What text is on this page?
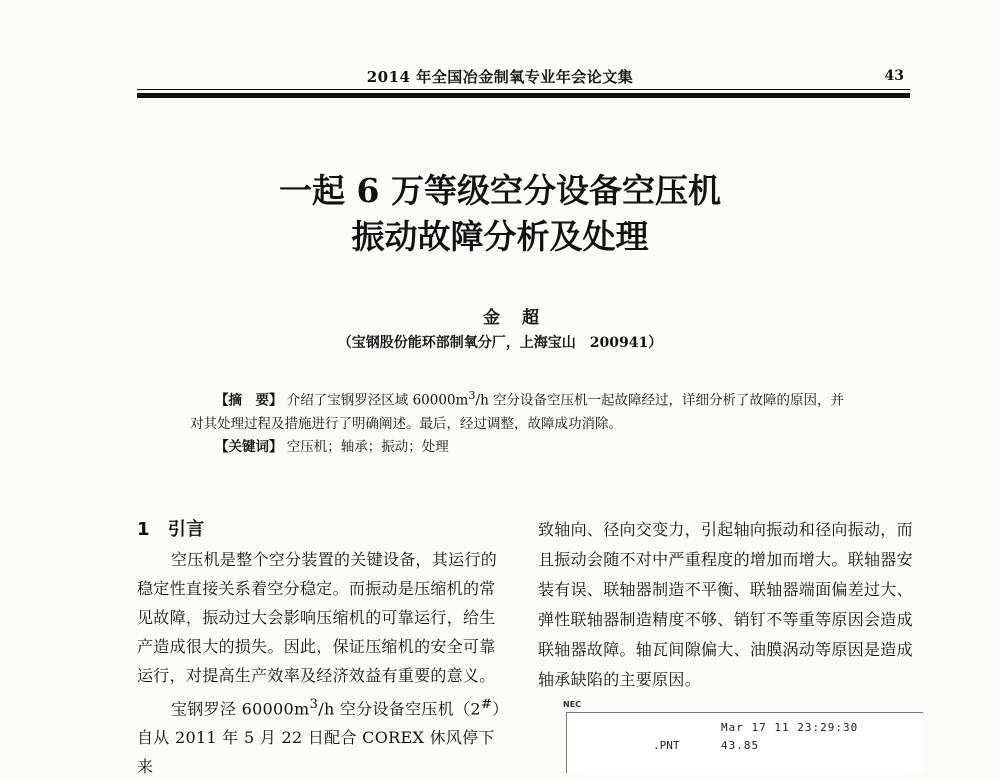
2014 年全国冶金制氧专业年会论文集	43
一起 6 万等级空分设备空压机
振动故障分析及处理
金超
（宝钢股份能环部制氧分厂，上海宝山　200941）

【摘　要】 介绍了宝钢罗泾区域 $60000m^3/h$ 空分设备空压机一起故障经过，详细分析了故障的原因，并对其处理过程及措施进行了明确阐述。最后，经过调整，故障成功消除。

【关键词】 空压机；轴承；振动；处理

1 引言

空压机是整个空分装置的关键设备，其运行的稳定性直接关系着空分稳定。而振动是压缩机的常见故障，振动过大会影响压缩机的可靠运行，给生产造成很大的损失。因此，保证压缩机的安全可靠运行，对提高生产效率及经济效益有重要的意义。

宝钢罗泾 $60000m^3/h$ 空分设备空压机（2#）自从 2011 年 5 月 22 日配合 COREX 休风停下来

致轴向、径向交变力，引起轴向振动和径向振动，而且振动会随不对中严重程度的增加而增大。联轴器安装有误、联轴器制造不平衡、联轴器端面偏差过大、弹性联轴器制造精度不够、销钉不等重等原因会造成联轴器故障。轴瓦间隙偏大、油膜涡动等原因是造成轴承缺陷的主要原因。

NEC
Mar 17 11 23:29:30
.PNT	43.85
